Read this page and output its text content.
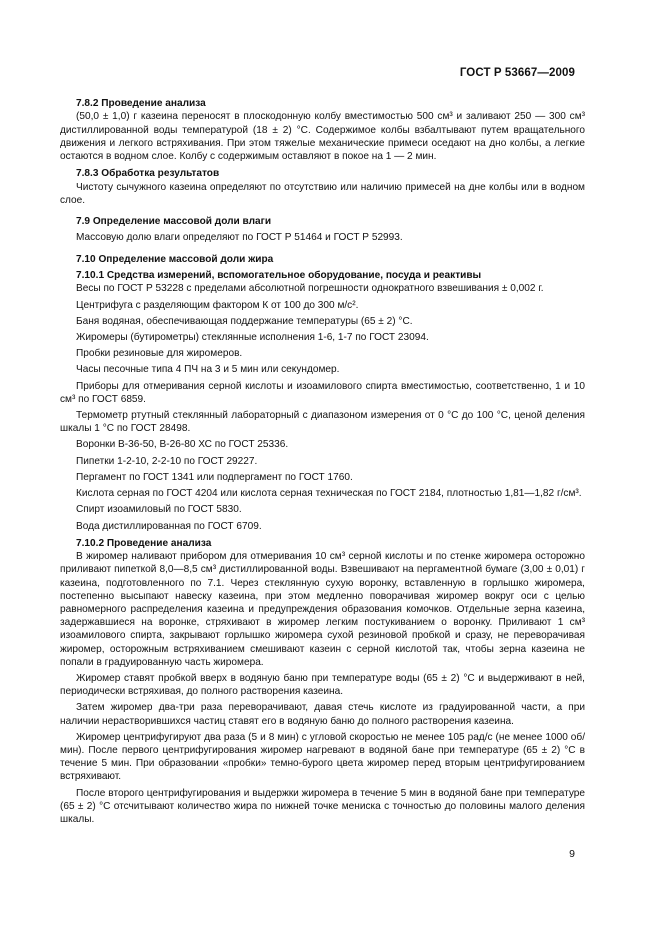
ГОСТ Р 53667—2009
7.8.2 Проведение анализа

(50,0 ± 1,0) г казеина переносят в плоскодонную колбу вместимостью 500 см³ и заливают 250 — 300 см³ дистиллированной воды температурой (18 ± 2) °С. Содержимое колбы взбалтывают путем вращательного движения и легкого встряхивания. При этом тяжелые механические примеси оседают на дно колбы, а легкие остаются в водном слое. Колбу с содержимым оставляют в покое на 1 — 2 мин.

7.8.3 Обработка результатов

Чистоту сычужного казеина определяют по отсутствию или наличию примесей на дне колбы или в водном слое.

7.9 Определение массовой доли влаги

Массовую долю влаги определяют по ГОСТ Р 51464 и ГОСТ Р 52993.

7.10 Определение массовой доли жира
7.10.1 Средства измерений, вспомогательное оборудование, посуда и реактивы

Весы по ГОСТ Р 53228 с пределами абсолютной погрешности однократного взвешивания ± 0,002 г.

Центрифуга с разделяющим фактором К от 100 до 300 м/с².

Баня водяная, обеспечивающая поддержание температуры (65 ± 2) °С.

Жиромеры (бутирометры) стеклянные исполнения 1-6, 1-7 по ГОСТ 23094.

Пробки резиновые для жиромеров.

Часы песочные типа 4 ПЧ на 3 и 5 мин или секундомер.

Приборы для отмеривания серной кислоты и изоамилового спирта вместимостью, соответственно, 1 и 10 см³ по ГОСТ 6859.

Термометр ртутный стеклянный лабораторный с диапазоном измерения от 0 °С до 100 °С, ценой деления шкалы 1 °С по ГОСТ 28498.

Воронки В-36-50, В-26-80 ХС по ГОСТ 25336.

Пипетки 1-2-10, 2-2-10 по ГОСТ 29227.

Пергамент по ГОСТ 1341 или подпергамент по ГОСТ 1760.

Кислота серная по ГОСТ 4204 или кислота серная техническая по ГОСТ 2184, плотностью 1,81—1,82 г/см³.

Спирт изоамиловый по ГОСТ 5830.

Вода дистиллированная по ГОСТ 6709.

7.10.2 Проведение анализа

В жиромер наливают прибором для отмеривания 10 см³ серной кислоты и по стенке жиромера осторожно приливают пипеткой 8,0—8,5 см³ дистиллированной воды. Взвешивают на пергаментной бумаге (3,00 ± 0,01) г казеина, подготовленного по 7.1. Через стеклянную сухую воронку, вставленную в горлышко жиромера, постепенно высыпают навеску казеина, при этом медленно поворачивая жиромер вокруг оси с целью равномерного распределения казеина и предупреждения образования комочков. Отдельные зерна казеина, задержавшиеся на воронке, стряхивают в жиромер легким постукиванием о воронку. Приливают 1 см³ изоамилового спирта, закрывают горлышко жиромера сухой резиновой пробкой и сразу, не переворачивая жиромер, осторожным встряхиванием смешивают казеин с серной кислотой так, чтобы зерна казеина не попали в градуированную часть жиромера.

Жиромер ставят пробкой вверх в водяную баню при температуре воды (65 ± 2) °С и выдерживают в ней, периодически встряхивая, до полного растворения казеина.

Затем жиромер два-три раза переворачивают, давая стечь кислоте из градуированной части, а при наличии нерастворившихся частиц ставят его в водяную баню до полного растворения казеина.

Жиромер центрифугируют два раза (5 и 8 мин) с угловой скоростью не менее 105 рад/с (не менее 1000 об/мин). После первого центрифугирования жиромер нагревают в водяной бане при температуре (65 ± 2) °С в течение 5 мин. При образовании «пробки» темно-бурого цвета жиромер перед вторым центрифугированием встряхивают.

После второго центрифугирования и выдержки жиромера в течение 5 мин в водяной бане при температуре (65 ± 2) °С отсчитывают количество жира по нижней точке мениска с точностью до половины малого деления шкалы.

9
